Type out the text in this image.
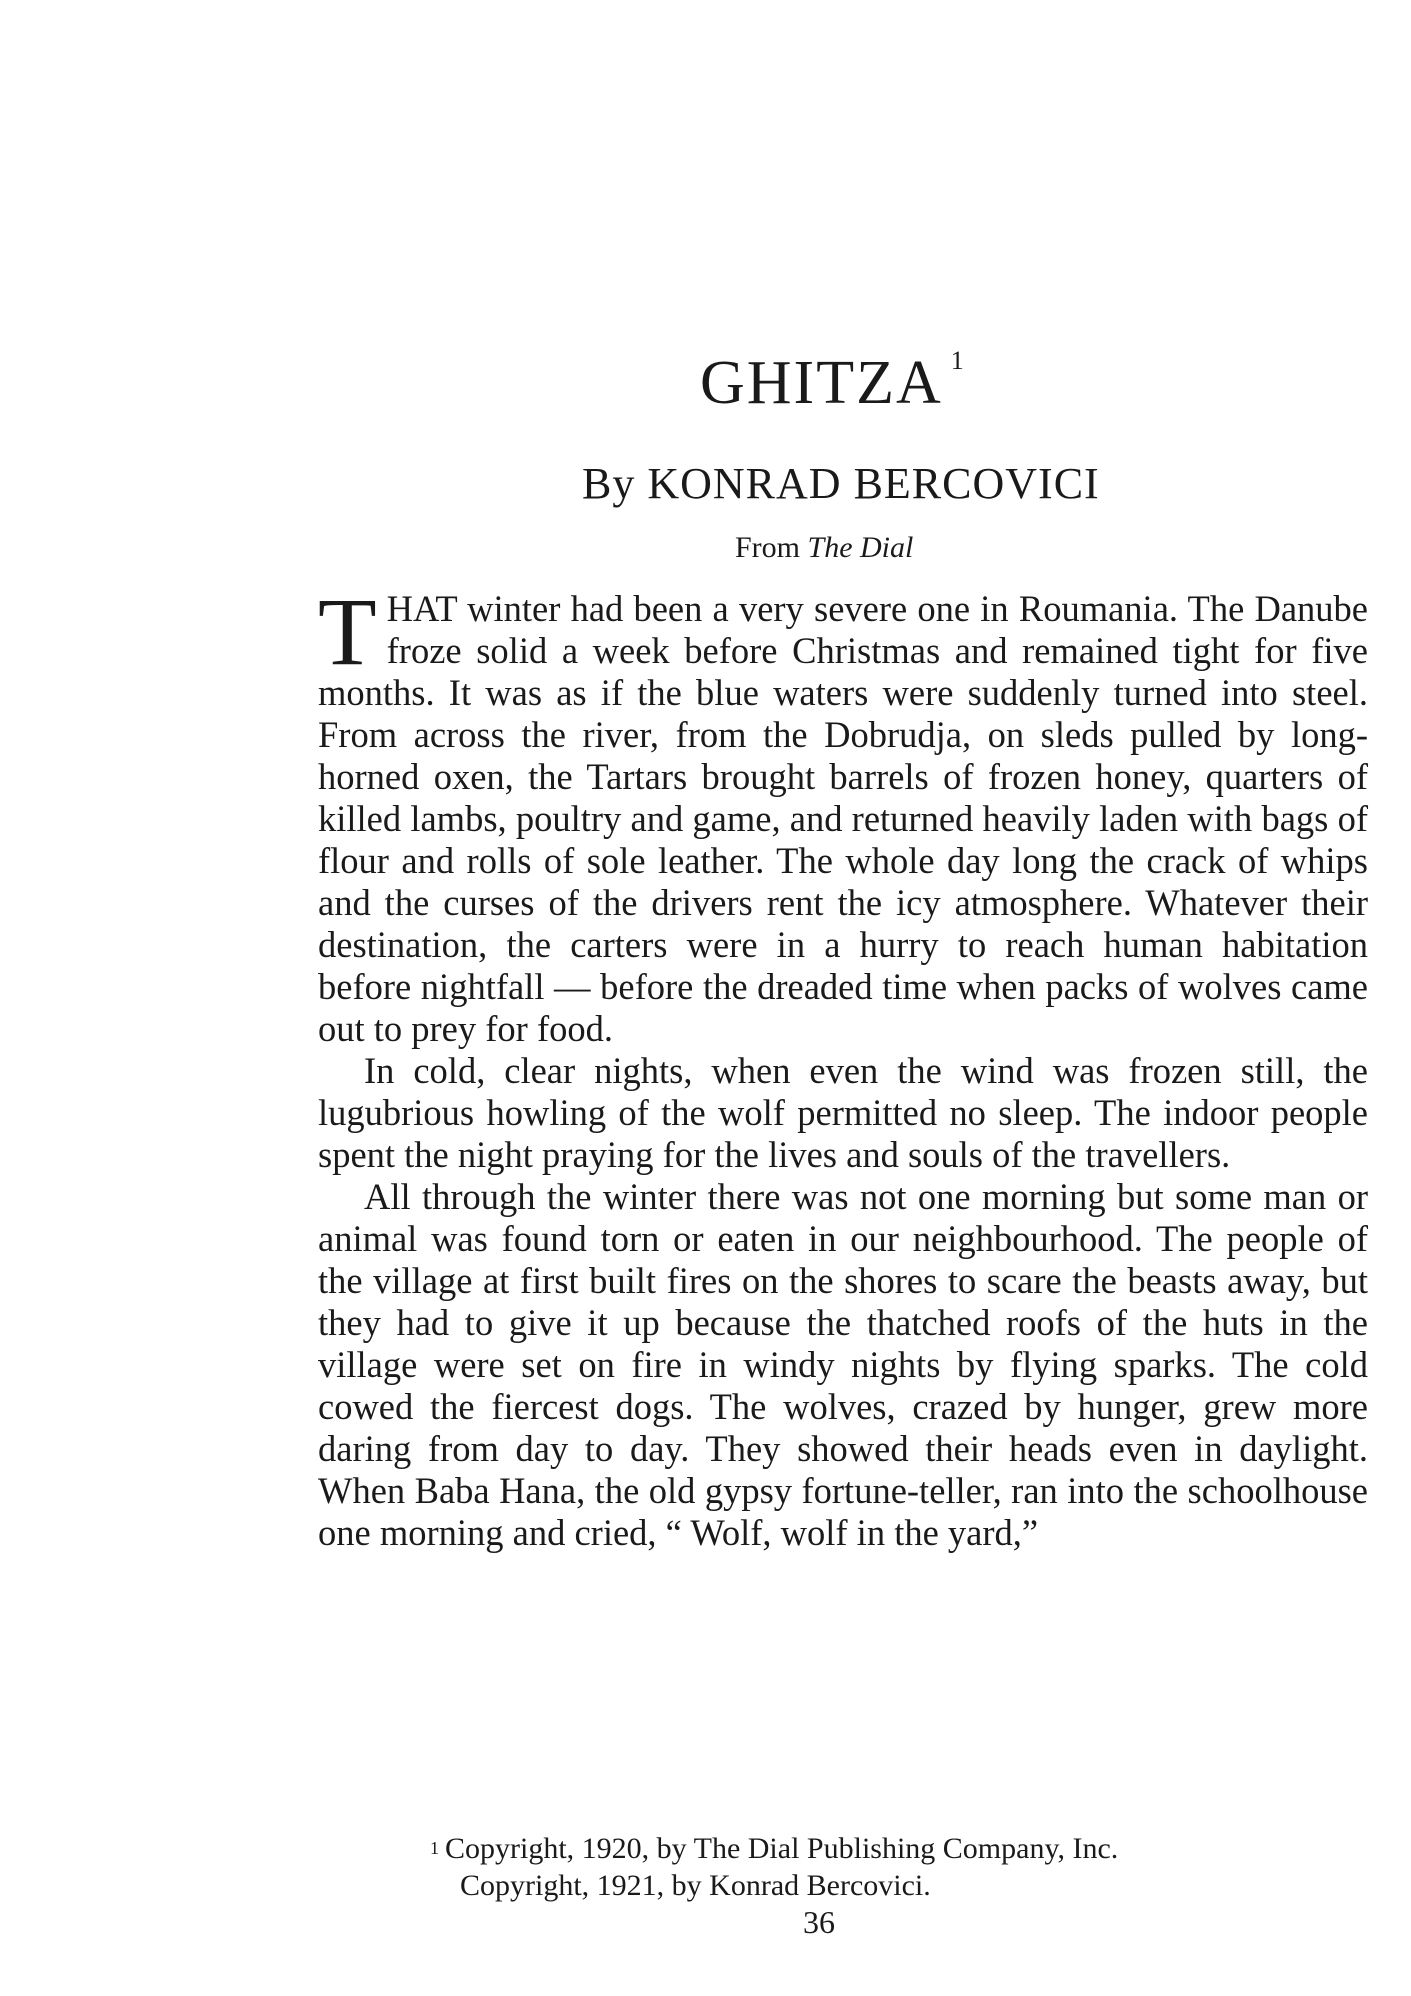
GHITZA $^1$
By KONRAD BERCOVICI
From The Dial

THAT winter had been a very severe one in Roumania. The Danube froze solid a week before Christmas and remained tight for five months. It was as if the blue waters were suddenly turned into steel. From across the river, from the Dobrudja, on sleds pulled by long-horned oxen, the Tartars brought barrels of frozen honey, quarters of killed lambs, poultry and game, and returned heavily laden with bags of flour and rolls of sole leather. The whole day long the crack of whips and the curses of the drivers rent the icy atmosphere. Whatever their destination, the carters were in a hurry to reach human habitation before nightfall — before the dreaded time when packs of wolves came out to prey for food.

In cold, clear nights, when even the wind was frozen still, the lugubrious howling of the wolf permitted no sleep. The indoor people spent the night praying for the lives and souls of the travellers.

All through the winter there was not one morning but some man or animal was found torn or eaten in our neighbourhood. The people of the village at first built fires on the shores to scare the beasts away, but they had to give it up because the thatched roofs of the huts in the village were set on fire in windy nights by flying sparks. The cold cowed the fiercest dogs. The wolves, crazed by hunger, grew more daring from day to day. They showed their heads even in daylight. When Baba Hana, the old gypsy fortune-teller, ran into the schoolhouse one morning and cried, “ Wolf, wolf in the yard,”

$^1$ Copyright, 1920, by The Dial Publishing Company, Inc.
Copyright, 1921, by Konrad Bercovici.
36
